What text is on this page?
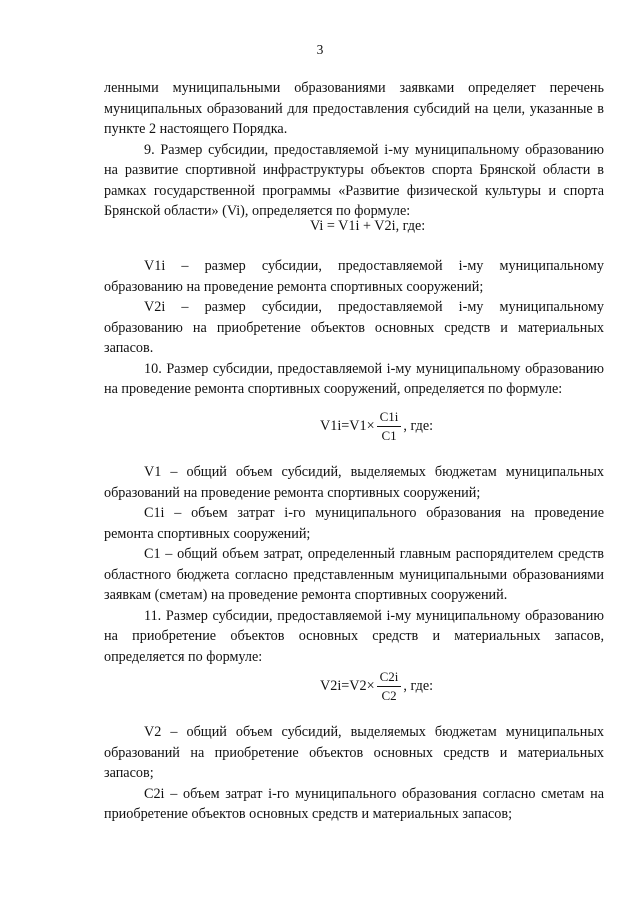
3

ленными муниципальными образованиями заявками определяет перечень муниципальных образований для предоставления субсидий на цели, указанные в пункте 2 настоящего Порядка.

9. Размер субсидии, предоставляемой i-му муниципальному образованию на развитие спортивной инфраструктуры объектов спорта Брянской области в рамках государственной программы «Развитие физической культуры и спорта Брянской области» (Vi), определяется по формуле:

Vi = V1i + V2i, где:

V1i – размер субсидии, предоставляемой i-му муниципальному образованию на проведение ремонта спортивных сооружений;

V2i – размер субсидии, предоставляемой i-му муниципальному образованию на приобретение объектов основных средств и материальных запасов.

10. Размер субсидии, предоставляемой i-му муниципальному образованию на проведение ремонта спортивных сооружений, определяется по формуле:

$V1i=V1\times \frac{C1i}{C1}$ , где:

V1 – общий объем субсидий, выделяемых бюджетам муниципальных образований на проведение ремонта спортивных сооружений;

C1i – объем затрат i-го муниципального образования на проведение ремонта спортивных сооружений;

C1 – общий объем затрат, определенный главным распорядителем средств областного бюджета согласно представленным муниципальными образованиями заявкам (сметам) на проведение ремонта спортивных сооружений.

11. Размер субсидии, предоставляемой i-му муниципальному образованию на приобретение объектов основных средств и материальных запасов, определяется по формуле:

$V2i=V2\times \frac{C2i}{C2}$ , где:

V2 – общий объем субсидий, выделяемых бюджетам муниципальных образований на приобретение объектов основных средств и материальных запасов;

C2i – объем затрат i-го муниципального образования согласно сметам на приобретение объектов основных средств и материальных запасов;
